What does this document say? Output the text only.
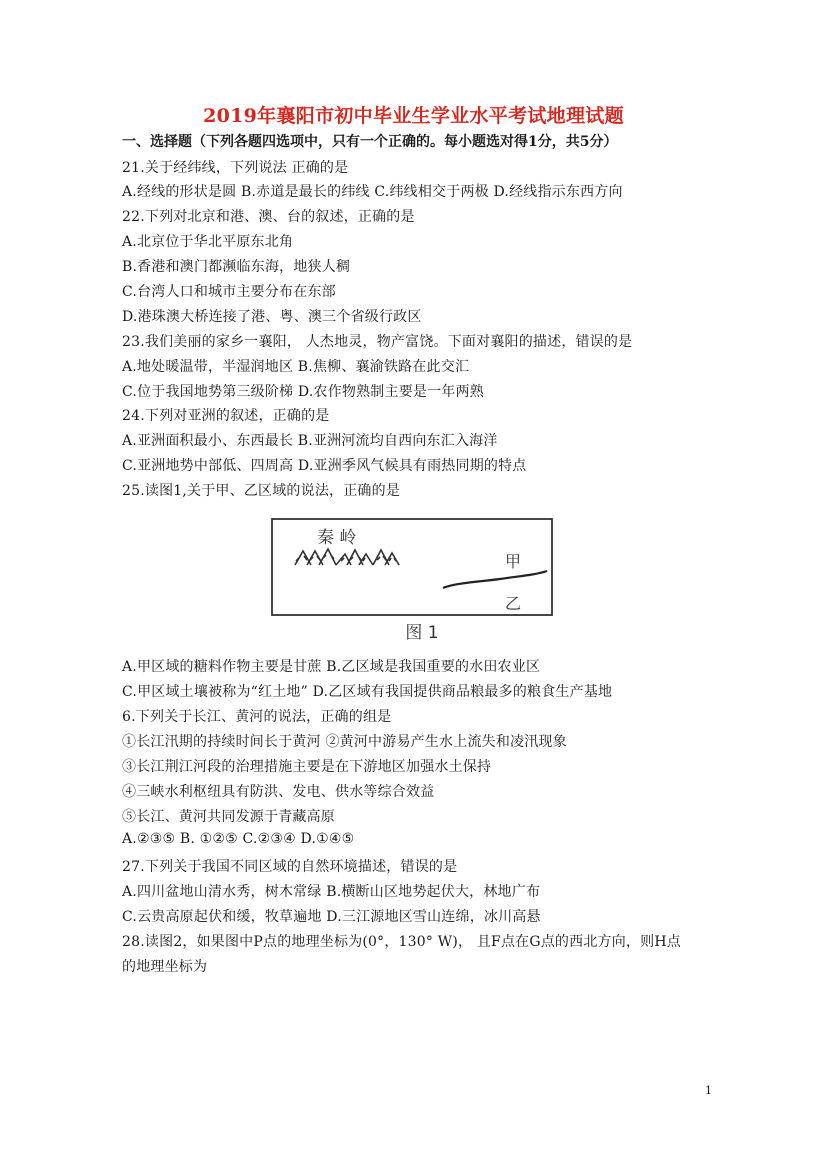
2019年襄阳市初中毕业生学业水平考试地理试题
一、选择题（下列各题四选项中，只有一个正确的。每小题选对得1分，共5分）
21.关于经纬线，下列说法 正确的是
A.经线的形状是圆 B.赤道是最长的纬线 C.纬线相交于两极 D.经线指示东西方向
22.下列对北京和港、澳、台的叙述，正确的是
A.北京位于华北平原东北角
B.香港和澳门都濒临东海，地狭人稠
C.台湾人口和城市主要分布在东部
D.港珠澳大桥连接了港、粤、澳三个省级行政区
23.我们美丽的家乡一襄阳， 人杰地灵，物产富饶。下面对襄阳的描述，错误的是
A.地处暖温带，半湿润地区 B.焦柳、襄渝铁路在此交汇
C.位于我国地势第三级阶梯 D.农作物熟制主要是一年两熟
24.下列对亚洲的叙述，正确的是
A.亚洲面积最小、东西最长 B.亚洲河流均自西向东汇入海洋
C.亚洲地势中部低、四周高 D.亚洲季风气候具有雨热同期的特点
25.读图1,关于甲、乙区域的说法，正确的是
秦 岭
甲
乙
图 1
A.甲区域的糖料作物主要是甘蔗 B.乙区域是我国重要的水田农业区
C.甲区域土壤被称为“红土地” D.乙区域有我国提供商品粮最多的粮食生产基地
6.下列关于长江、黄河的说法，正确的组是
①长江汛期的持续时间长于黄河 ②黄河中游易产生水上流失和凌汛现象
③长江荆江河段的治理措施主要是在下游地区加强水土保持
④三峡水利枢纽具有防洪、发电、供水等综合效益
⑤长江、黄河共同发源于青藏高原
A.②③⑤ B. ①②⑤ C.②③④ D.①④⑤
27.下列关于我国不同区域的自然环境描述，错误的是
A.四川盆地山清水秀，树木常绿 B.横断山区地势起伏大，林地广布
C.云贵高原起伏和缓，牧草遍地 D.三江源地区雪山连绵，冰川高悬
28.读图2，如果图中P点的地理坐标为(0°，130° W)， 且F点在G点的西北方向，则H点
的地理坐标为
1
